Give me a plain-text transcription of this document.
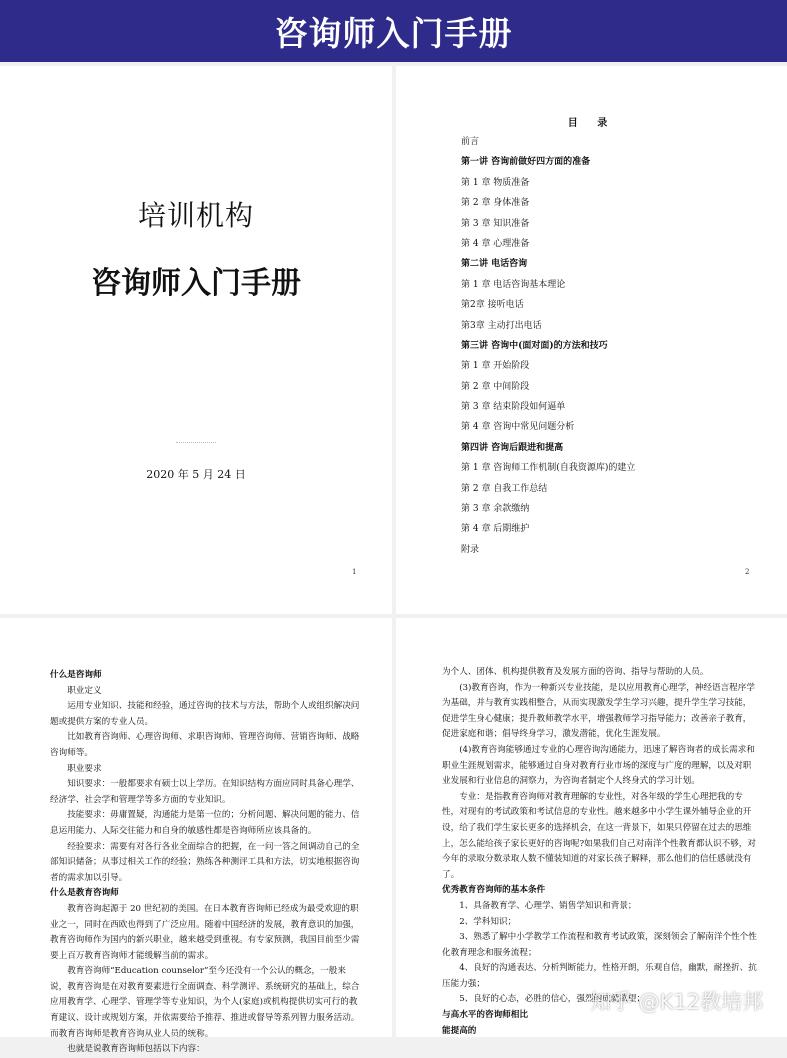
咨询师入门手册
培训机构
咨询师入门手册
2020 年 5 月 24 日
1
目 录
前言
第一讲 咨询前做好四方面的准备
第 1 章 物质准备
第 2 章 身体准备
第 3 章 知识准备
第 4 章 心理准备
第二讲 电话咨询
第 1 章 电话咨询基本理论
第2章 接听电话
第3章 主动打出电话
第三讲 咨询中(面对面)的方法和技巧
第 1 章 开始阶段
第 2 章 中间阶段
第 3 章 结束阶段如何逼单
第 4 章 咨询中常见问题分析
第四讲 咨询后跟进和提高
第 1 章 咨询师工作机制(自我资源库)的建立
第 2 章 自我工作总结
第 3 章 余款缴纳
第 4 章 后期维护
附录
2

什么是咨询师

职业定义

运用专业知识、技能和经验，通过咨询的技术与方法，帮助个人或组织解决问题或提供方案的专业人员。

比如教育咨询师、心理咨询师、求职咨询师、管理咨询师、营销咨询师、战略咨询师等。

职业要求

知识要求：一般都要求有硕士以上学历。在知识结构方面应同时具备心理学、经济学、社会学和管理学等多方面的专业知识。

技能要求：毋庸置疑，沟通能力是第一位的；分析问题、解决问题的能力、信息运用能力、人际交往能力和自身的敏感性都是咨询师所应该具备的。

经验要求：需要有对各行各业全面综合的把握，在一问一答之间调动自己的全部知识储备；从事过相关工作的经验；熟练各种测评工具和方法，切实地根据咨询者的需求加以引导。

什么是教育咨询师

教育咨询起源于 20 世纪初的美国。在日本教育咨询师已经成为最受欢迎的职业之一，同时在西欧也得到了广泛应用。随着中国经济的发展，教育意识的加强，教育咨询师作为国内的新兴职业，越来越受到重视。有专家预测，我国目前至少需要上百万教育咨询师才能缓解当前的需求。

教育咨询师“Education counselor”至今还没有一个公认的概念，一般来说，教育咨询是在对教育要素进行全面调查、科学测评、系统研究的基础上，综合应用教育学、心理学、管理学等专业知识，为个人(家庭)或机构提供切实可行的教育建议、设计或规划方案，并依需要给予推荐、推进或督导等系列智力服务活动。而教育咨询师是教育咨询从业人员的统称。

也就是说教育咨询师包括以下内容：

为个人、团体、机构提供教育及发展方面的咨询、指导与帮助的人员。

(3)教育咨询，作为一种新兴专业技能，是以应用教育心理学，神经语言程序学为基础，并与教育实践相整合，从而实现激发学生学习兴趣，提升学生学习技能，促进学生身心健康；提升教师教学水平，增强教师学习指导能力；改善亲子教育，促进家庭和谐；倡导终身学习，激发潜能，优化生涯发展。

(4)教育咨询能够通过专业的心理咨询沟通能力，迅速了解咨询者的成长需求和职业生涯规划需求，能够通过自身对教育行业市场的深度与广度的理解，以及对职业发展和行业信息的洞察力，为咨询者制定个人终身式的学习计划。

专业：是指教育咨询师对教育理解的专业性，对各年级的学生心理把我的专性，对现有的考试政策和考试信息的专业性。越来越多中小学生课外辅导企业的开设，给了我们学生家长更多的选择机会，在这一背景下，如果只停留在过去的思维上，怎么能给孩子家长更好的咨询呢?如果我们自己对南洋个性教育都认识不够，对今年的录取分数录取人数不懂装知道的对家长孩子解释，那么他们的信任感就没有了。

优秀教育咨询师的基本条件

1、具备教育学、心理学、销售学知识和背景；

2、学科知识；

3、熟悉了解中小学教学工作流程和教育考试政策，深刻领会了解南洋个性个性化教育理念和服务流程；

4、良好的沟通表达、分析判断能力，性格开朗，乐观自信，幽默，耐挫折、抗压能力强；

5、良好的心态，必胜的信心，强烈的成就欲望；

与高水平的咨询师相比

能提高的

知乎 @K12教培邦
